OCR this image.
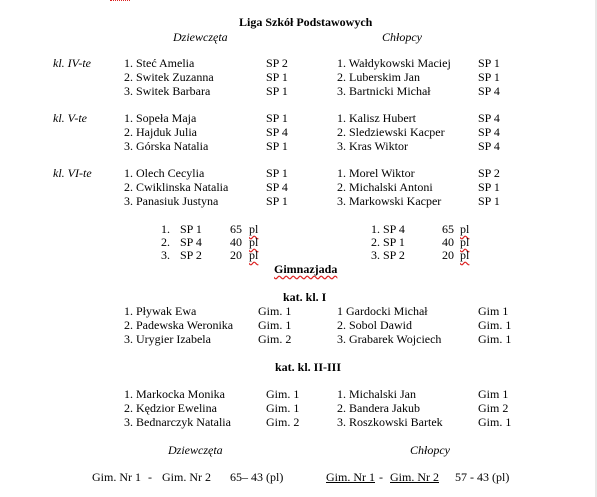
Liga Szkół Podstawowych
Dziewczęta	Chłopcy
kl. IV-te	1. Steć Amelia	SP 2
2. Switek Zuzanna	SP 1
3. Switek Barbara	SP 1
1. Wałdykowski Maciej SP 1
2. Luberskim Jan	SP 1
3. Bartnicki Michał	SP 4
kl. V-te	1. Sopeła Maja	SP 1
2. Hajduk Julia	SP 4
3. Górska Natalia	SP 1
1. Kalisz Hubert	SP 4
2. Sledziewski Kacper	SP 4
3. Kras Wiktor	SP 4
kl. VI-te	1. Olech Cecylia	SP 1
2. Cwiklinska Natalia	SP 4
3. Panasiuk Justyna	SP 1
1. Morel Wiktor	SP 2
2. Michalski Antoni	SP 1
3. Markowski Kacper	SP 1
1. SP 1 65 pl
2. SP 4 40 pl
3. SP 2 20 pl
1. SP 4	65 pl
2. SP 1	40 pl
3. SP 2	20 pl
Gimnazjada
kat. kl. I
1. Pływak Ewa	Gim. 1
2. Padewska Weronika Gim. 1
3. Urygier Izabela	Gim. 2
1 Gardocki Michał	Gim 1
2. Sobol Dawid	Gim. 1
3. Grabarek Wojciech	Gim. 1
kat. kl. II-III
1. Markocka Monika	Gim. 1
2. Kędzior Ewelina	Gim. 1
3. Bednarczyk Natalia	Gim. 2
1. Michalski Jan	Gim 1
2. Bandera Jakub	Gim 2
3. Roszkowski Bartek	Gim. 1
Dziewczęta	Chłopcy
Gim. Nr 1 - Gim. Nr 2 65– 43 (pl)	Gim. Nr 1 - Gim. Nr 2 57 - 43 (pl)
